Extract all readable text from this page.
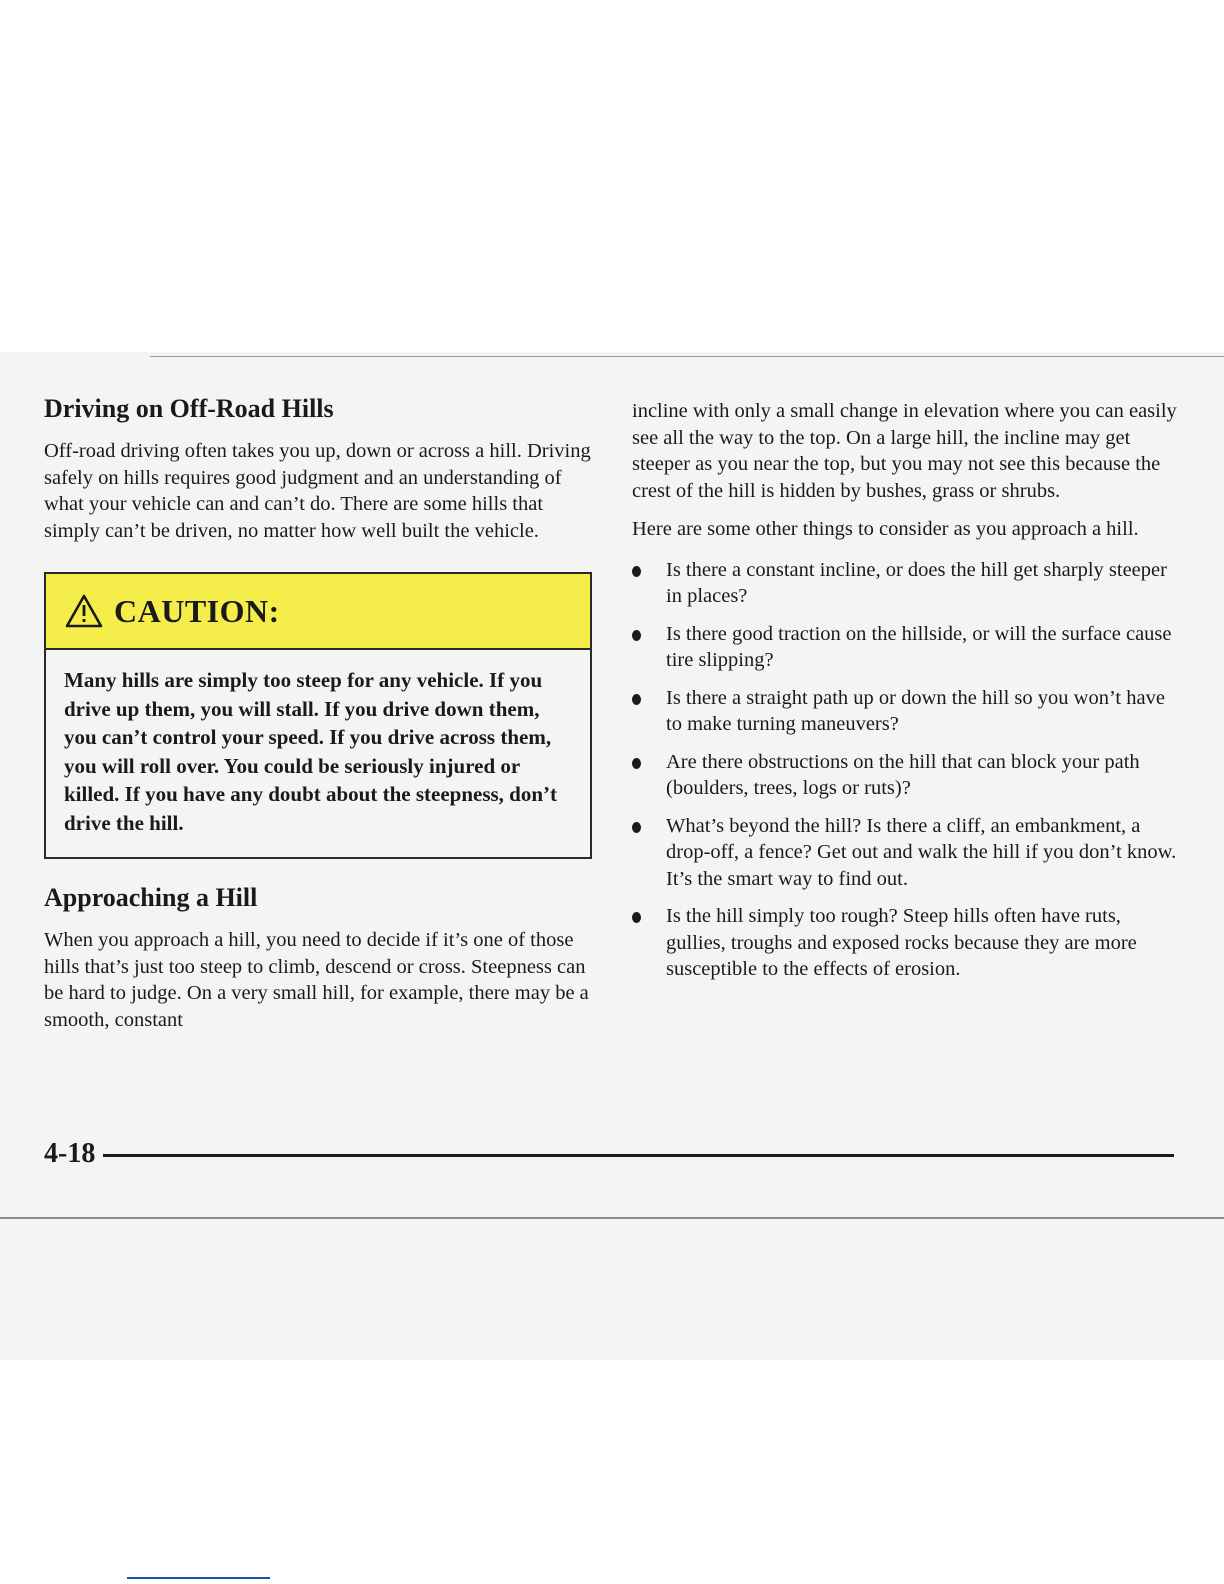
Driving on Off-Road Hills

Off-road driving often takes you up, down or across a hill. Driving safely on hills requires good judgment and an understanding of what your vehicle can and can’t do. There are some hills that simply can’t be driven, no matter how well built the vehicle.

CAUTION:
Many hills are simply too steep for any vehicle. If you drive up them, you will stall. If you drive down them, you can’t control your speed. If you drive across them, you will roll over. You could be seriously injured or killed. If you have any doubt about the steepness, don’t drive the hill.
Approaching a Hill

When you approach a hill, you need to decide if it’s one of those hills that’s just too steep to climb, descend or cross. Steepness can be hard to judge. On a very small hill, for example, there may be a smooth, constant

incline with only a small change in elevation where you can easily see all the way to the top. On a large hill, the incline may get steeper as you near the top, but you may not see this because the crest of the hill is hidden by bushes, grass or shrubs.

Here are some other things to consider as you approach a hill.

Is there a constant incline, or does the hill get sharply steeper in places?
Is there good traction on the hillside, or will the surface cause tire slipping?
Is there a straight path up or down the hill so you won’t have to make turning maneuvers?
Are there obstructions on the hill that can block your path (boulders, trees, logs or ruts)?
What’s beyond the hill? Is there a cliff, an embankment, a drop-off, a fence? Get out and walk the hill if you don’t know. It’s the smart way to find out.
Is the hill simply too rough? Steep hills often have ruts, gullies, troughs and exposed rocks because they are more susceptible to the effects of erosion.
4-18
